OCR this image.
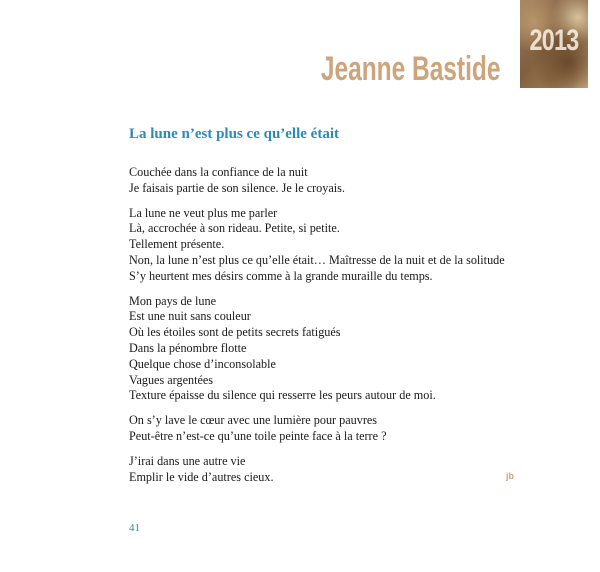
2013
Jeanne Bastide
La lune n’est plus ce qu’elle était
Couchée dans la confiance de la nuit
Je faisais partie de son silence. Je le croyais.
La lune ne veut plus me parler
Là, accrochée à son rideau. Petite, si petite.
Tellement présente.
Non, la lune n’est plus ce qu’elle était… Maîtresse de la nuit et de la solitude
S’y heurtent mes désirs comme à la grande muraille du temps.
Mon pays de lune
Est une nuit sans couleur
Où les étoiles sont de petits secrets fatigués
Dans la pénombre flotte
Quelque chose d’inconsolable
Vagues argentées
Texture épaisse du silence qui resserre les peurs autour de moi.
On s’y lave le cœur avec une lumière pour pauvres
Peut-être n’est-ce qu’une toile peinte face à la terre ?
J’irai dans une autre vie
Emplir le vide d’autres cieux.	jb
41
